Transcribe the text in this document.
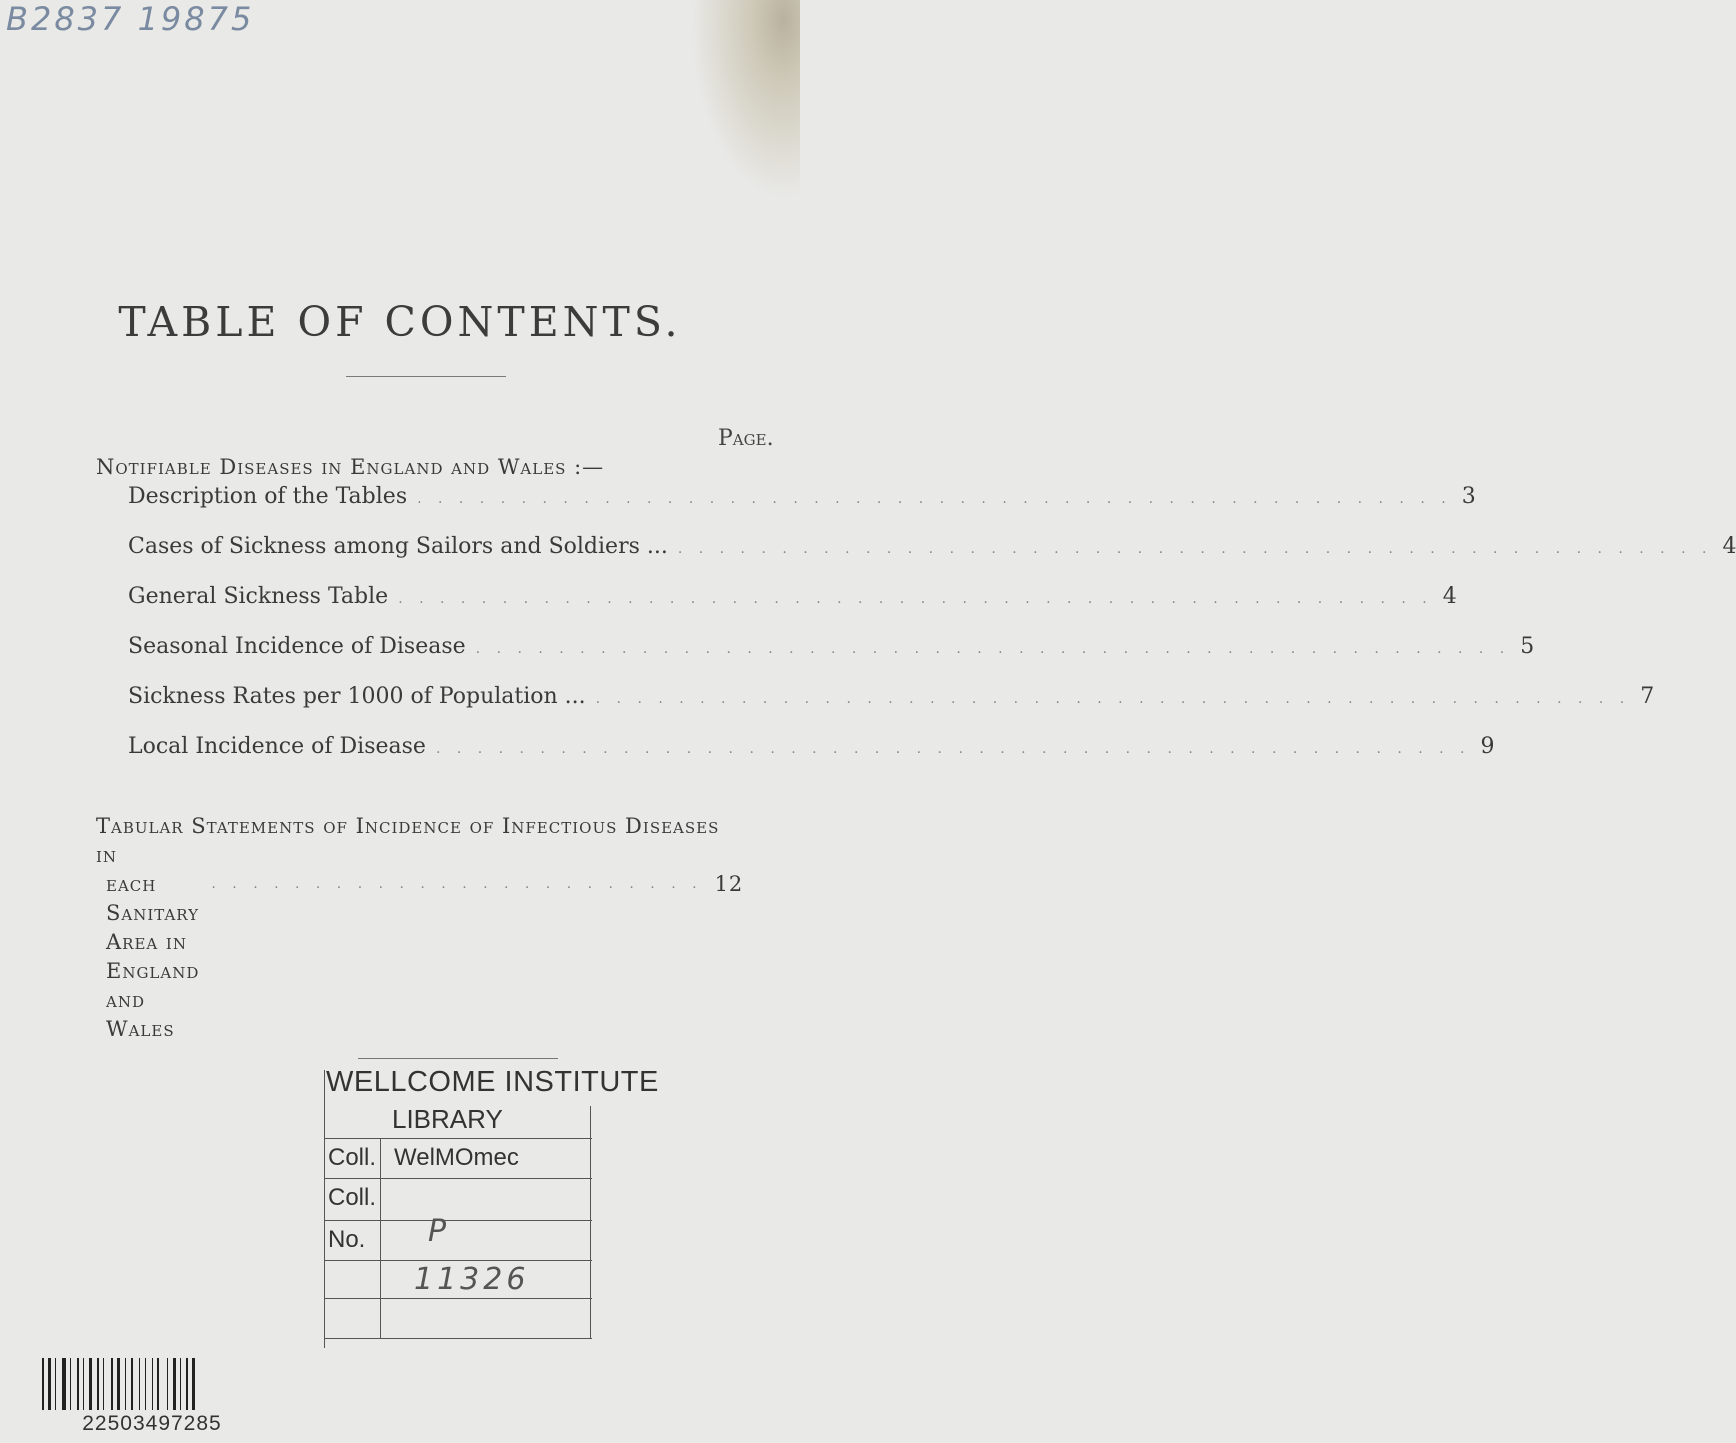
B2837 19875
TABLE OF CONTENTS.
Page.
Notifiable Diseases in England and Wales :—
Description of the Tables . . . . . . . . . . . . . . . . . . . . . . . . . . . . . . . . . . . . . . . . . . . . . . . . . . 3
Cases of Sickness among Sailors and Soldiers ... . . . . . . . . . . . . . . . . . . . . . . . . . . . . . . . . . . . . . . . . . . . . . . . . . . 4
General Sickness Table . . . . . . . . . . . . . . . . . . . . . . . . . . . . . . . . . . . . . . . . . . . . . . . . . . 4
Seasonal Incidence of Disease . . . . . . . . . . . . . . . . . . . . . . . . . . . . . . . . . . . . . . . . . . . . . . . . . . 5
Sickness Rates per 1000 of Population ... . . . . . . . . . . . . . . . . . . . . . . . . . . . . . . . . . . . . . . . . . . . . . . . . . . 7
Local Incidence of Disease . . . . . . . . . . . . . . . . . . . . . . . . . . . . . . . . . . . . . . . . . . . . . . . . . . 9
Tabular Statements of Incidence of Infectious Diseases in
each Sanitary Area in England and Wales
. . . . . . . . . . . . . . . . . . . . . . . . 12
WELLCOME INSTITUTE
LIBRARY
Coll. WelMOmec
Coll.
No. P
11326
22503497285
